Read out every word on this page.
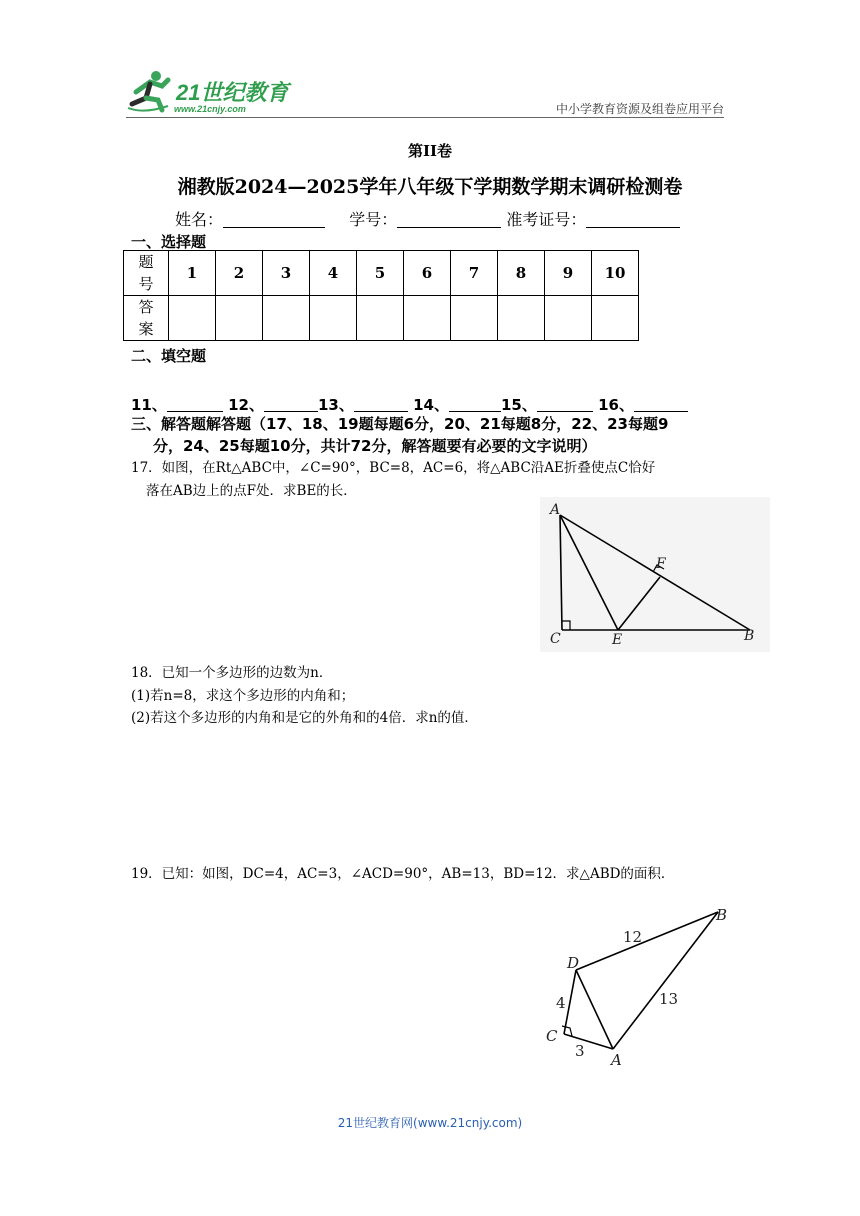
21世纪教育
www.21cnjy.com	中小学教育资源及组卷应用平台
第II卷
湘教版2024—2025学年八年级下学期数学期末调研检测卷
姓名：	学号：	准考证号：
一、选择题
题
号	1	2	3	4	5	6	7	8	9	10
答
案										
二、填空题
11、	12、	13、	14、	15、	16、
三、解答题解答题（17、18、19题每题6分，20、21每题8分，22、23每题9
分，24、25每题10分，共计72分，解答题要有必要的文字说明）
17．如图，在Rt△ABC中，∠C=90°，BC=8，AC=6，将△ABC沿AE折叠使点C恰好
落在AB边上的点F处．求BE的长．
A
C	E
F
B
18．已知一个多边形的边数为n．
(1)若n=8，求这个多边形的内角和；
(2)若这个多边形的内角和是它的外角和的4倍．求n的值．
19．已知：如图，DC=4，AC=3，∠ACD=90°，AB=13，BD=12．求△ABD的面积．
B
D
C
A
12
13
4
3
21世纪教育网(www.21cnjy.com)
